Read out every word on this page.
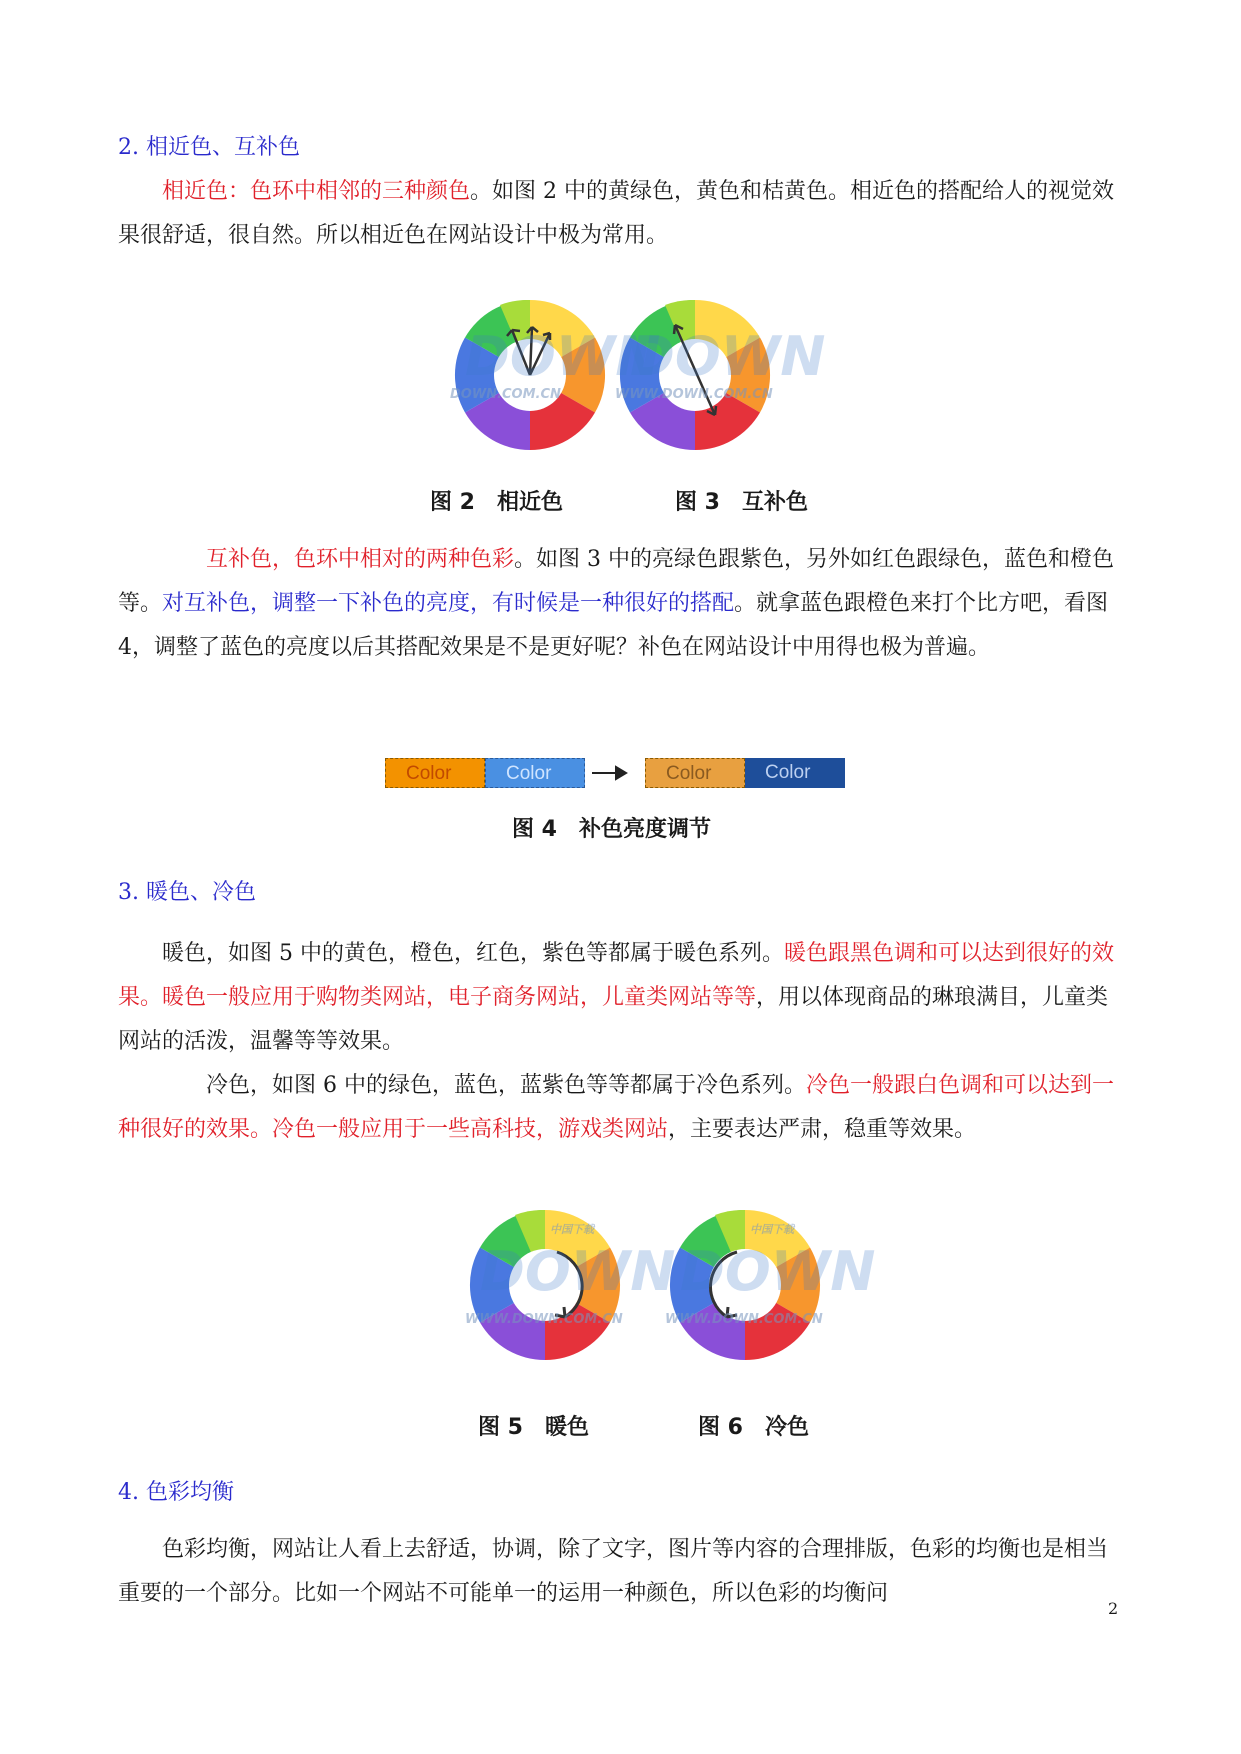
2. 相近色、互补色

相近色：色环中相邻的三种颜色。如图 2 中的黄绿色，黄色和桔黄色。相近色的搭配给人的视觉效果很舒适，很自然。所以相近色在网站设计中极为常用。

DOWN
DOWN
DOWN.COM.CN	WWW.DOWN.COM.CN
图 2　相近色	图 3　互补色

互补色，色环中相对的两种色彩。如图 3 中的亮绿色跟紫色，另外如红色跟绿色，蓝色和橙色等。对互补色，调整一下补色的亮度，有时候是一种很好的搭配。就拿蓝色跟橙色来打个比方吧，看图 4，调整了蓝色的亮度以后其搭配效果是不是更好呢？补色在网站设计中用得也极为普遍。

Color	Color	Color	Color
图 4　补色亮度调节
3. 暖色、冷色

暖色，如图 5 中的黄色，橙色，红色，紫色等都属于暖色系列。暖色跟黑色调和可以达到很好的效果。暖色一般应用于购物类网站，电子商务网站，儿童类网站等等，用以体现商品的琳琅满目，儿童类网站的活泼，温馨等等效果。

冷色，如图 6 中的绿色，蓝色，蓝紫色等等都属于冷色系列。冷色一般跟白色调和可以达到一种很好的效果。冷色一般应用于一些高科技，游戏类网站，主要表达严肃，稳重等效果。

DOWN DOWN
WWW.DOWN.COM.CN	WWW.DOWN.COM.CN
中国下载	中国下载
图 5　暖色	图 6　冷色
4. 色彩均衡

色彩均衡，网站让人看上去舒适，协调，除了文字，图片等内容的合理排版，色彩的均衡也是相当重要的一个部分。比如一个网站不可能单一的运用一种颜色，所以色彩的均衡问

2
